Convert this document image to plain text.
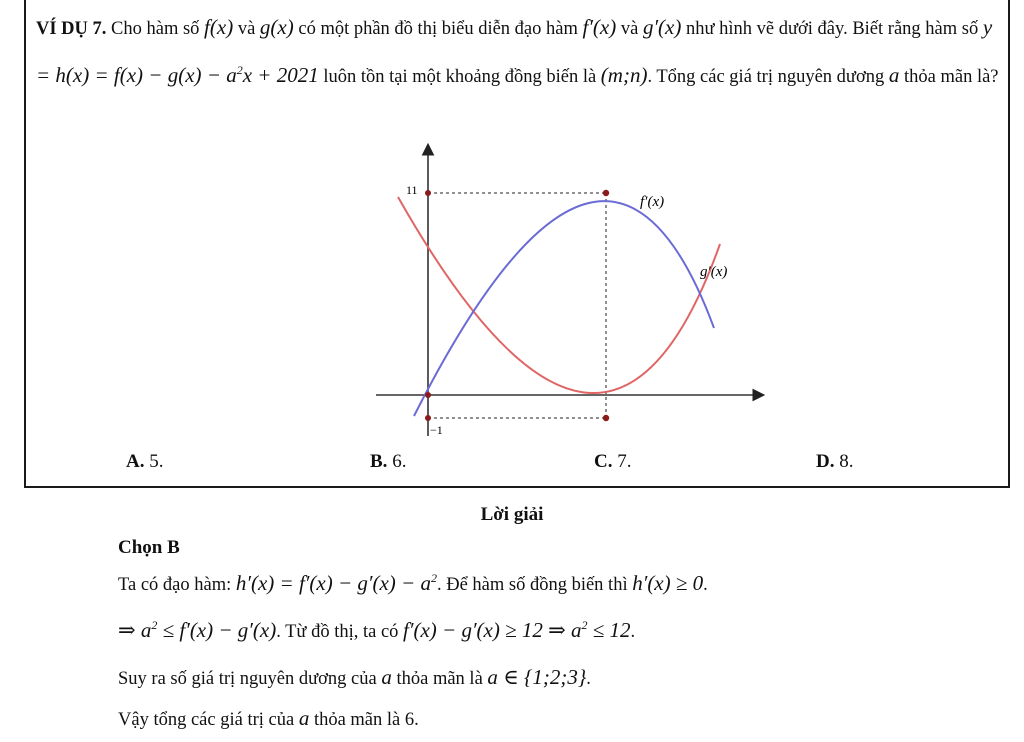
VÍ DỤ 7. Cho hàm số f(x) và g(x) có một phần đồ thị biểu diễn đạo hàm f′(x) và g′(x) như hình vẽ dưới đây. Biết rằng hàm số $y = h(x) = f(x) - g(x) - a^2x + 2021$ luôn tồn tại một khoảng đồng biến là (m;n). Tổng các giá trị nguyên dương a thỏa mãn là?

11
−1
f′(x)
g′(x)
A. 5.	B. 6.	C. 7.	D. 8.
Lời giải
Chọn B
Ta có đạo hàm: $h'(x) = f'(x) - g'(x) - a^2$. Để hàm số đồng biến thì h′(x) ≥ 0.
⇒ $a^2 \le f'(x) - g'(x)$. Từ đồ thị, ta có f′(x) − g′(x) ≥ 12 ⇒ $a^2 \le 12$.
Suy ra số giá trị nguyên dương của a thỏa mãn là a ∈ {1;2;3}.
Vậy tổng các giá trị của a thỏa mãn là 6.
